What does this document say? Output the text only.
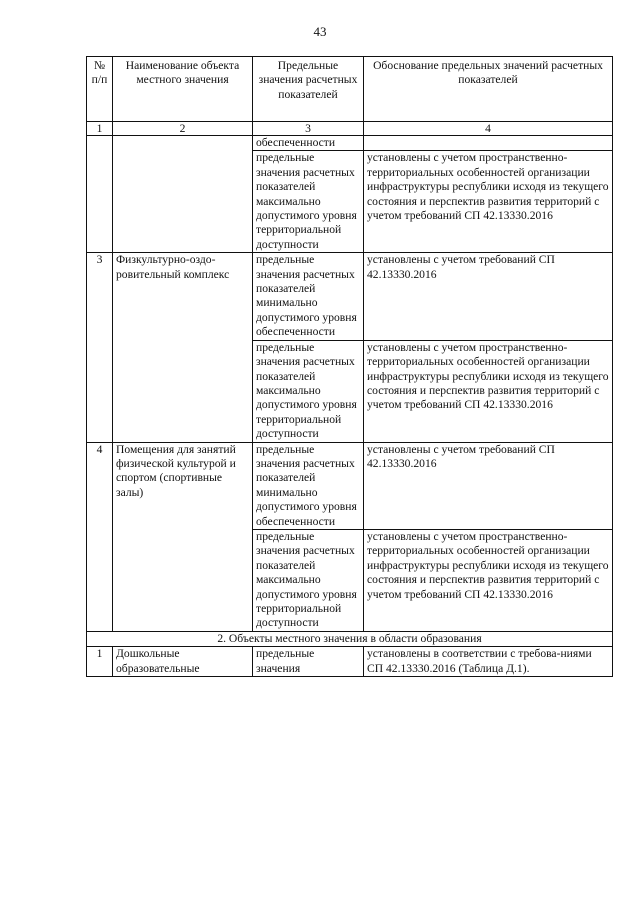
43
№ п/п	Наименование объекта местного значения	Предельные значения расчетных показателей	Обоснование предельных значений расчетных показателей
1	2	3	4
		обеспеченности	
		предельные значения расчетных показателей максимально допустимого уровня территориальной доступности	установлены с учетом пространственно-территориальных особенностей организации инфраструктуры республики исходя из текущего состояния и перспектив развития территорий с учетом требований СП 42.13330.2016
3	Физкультурно-оздо-ровительный комплекс	предельные значения расчетных показателей минимально допустимого уровня обеспеченности	установлены с учетом требований СП 42.13330.2016
		предельные значения расчетных показателей максимально допустимого уровня территориальной доступности	установлены с учетом пространственно-территориальных особенностей организации инфраструктуры республики исходя из текущего состояния и перспектив развития территорий с учетом требований СП 42.13330.2016
4	Помещения для занятий физической культурой и спортом (спортивные залы)	предельные значения расчетных показателей минимально допустимого уровня обеспеченности	установлены с учетом требований СП 42.13330.2016
		предельные значения расчетных показателей максимально допустимого уровня территориальной доступности	установлены с учетом пространственно-территориальных особенностей организации инфраструктуры республики исходя из текущего состояния и перспектив развития территорий с учетом требований СП 42.13330.2016
2. Объекты местного значения в области образования			
1	Дошкольные образовательные	предельные значения	установлены в соответствии с требова-ниями СП 42.13330.2016 (Таблица Д.1).
